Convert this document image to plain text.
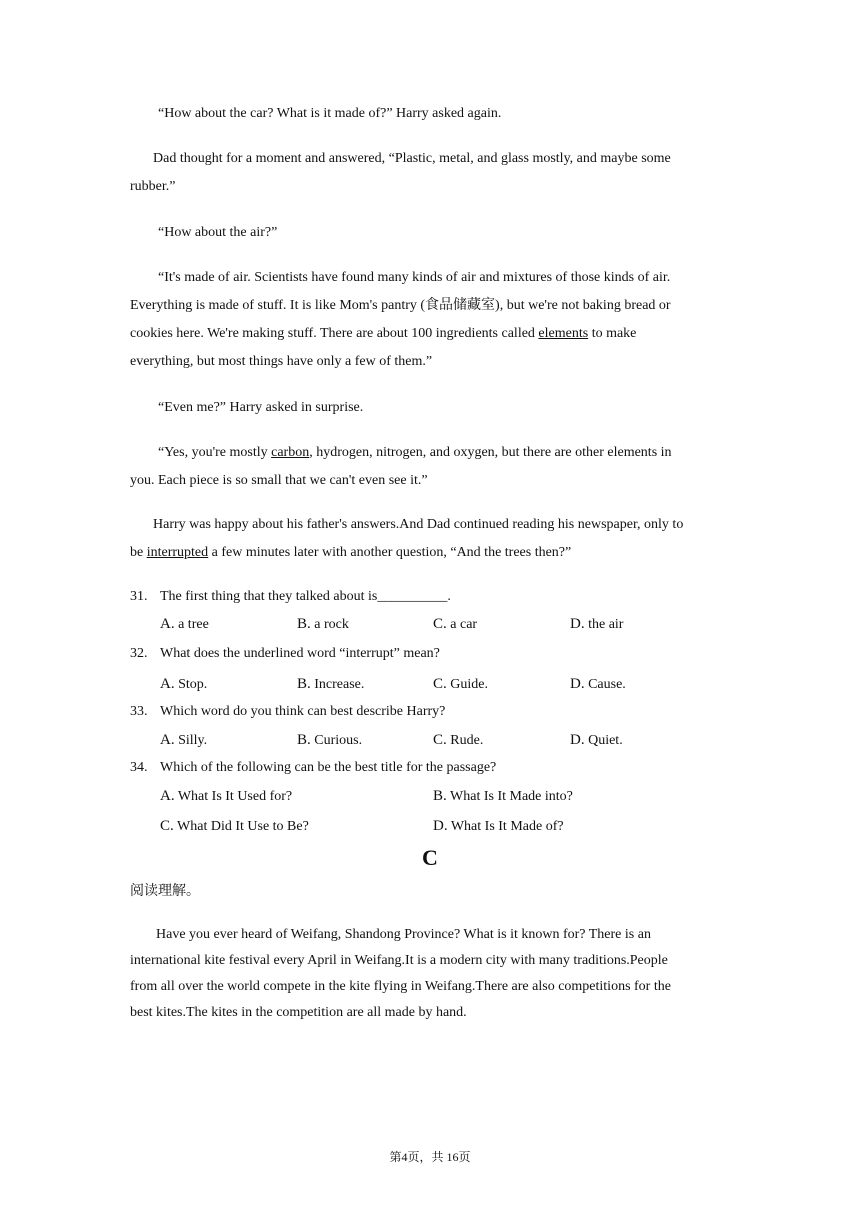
“How about the car? What is it made of?” Harry asked again.

Dad thought for a moment and answered, “Plastic, metal, and glass mostly, and maybe some
rubber.”

“How about the air?”

“It's made of air. Scientists have found many kinds of air and mixtures of those kinds of air.
Everything is made of stuff. It is like Mom's pantry (食品储藏室), but we're not baking bread or
cookies here. We're making stuff. There are about 100 ingredients called elements to make
everything, but most things have only a few of them.”

“Even me?” Harry asked in surprise.

“Yes, you're mostly carbon, hydrogen, nitrogen, and oxygen, but there are other elements in
you. Each piece is so small that we can't even see it.”

Harry was happy about his father's answers.And Dad continued reading his newspaper, only to
be interrupted a few minutes later with another question, “And the trees then?”

31. The first thing that they talked about is__________.
A. a tree	B. a rock	C. a car	D. the air
32. What does the underlined word “interrupt” mean?
A. Stop.	B. Increase.	C. Guide.	D. Cause.
33. Which word do you think can best describe Harry?
A. Silly.	B. Curious.	C. Rude.	D. Quiet.
34. Which of the following can be the best title for the passage?
A. What Is It Used for?	B. What Is It Made into?
C. What Did It Use to Be?	D. What Is It Made of?
C
阅读理解。

Have you ever heard of Weifang, Shandong Province? What is it known for? There is an
international kite festival every April in Weifang.It is a modern city with many traditions.People
from all over the world compete in the kite flying in Weifang.There are also competitions for the
best kites.The kites in the competition are all made by hand.

第4页，共 16页
